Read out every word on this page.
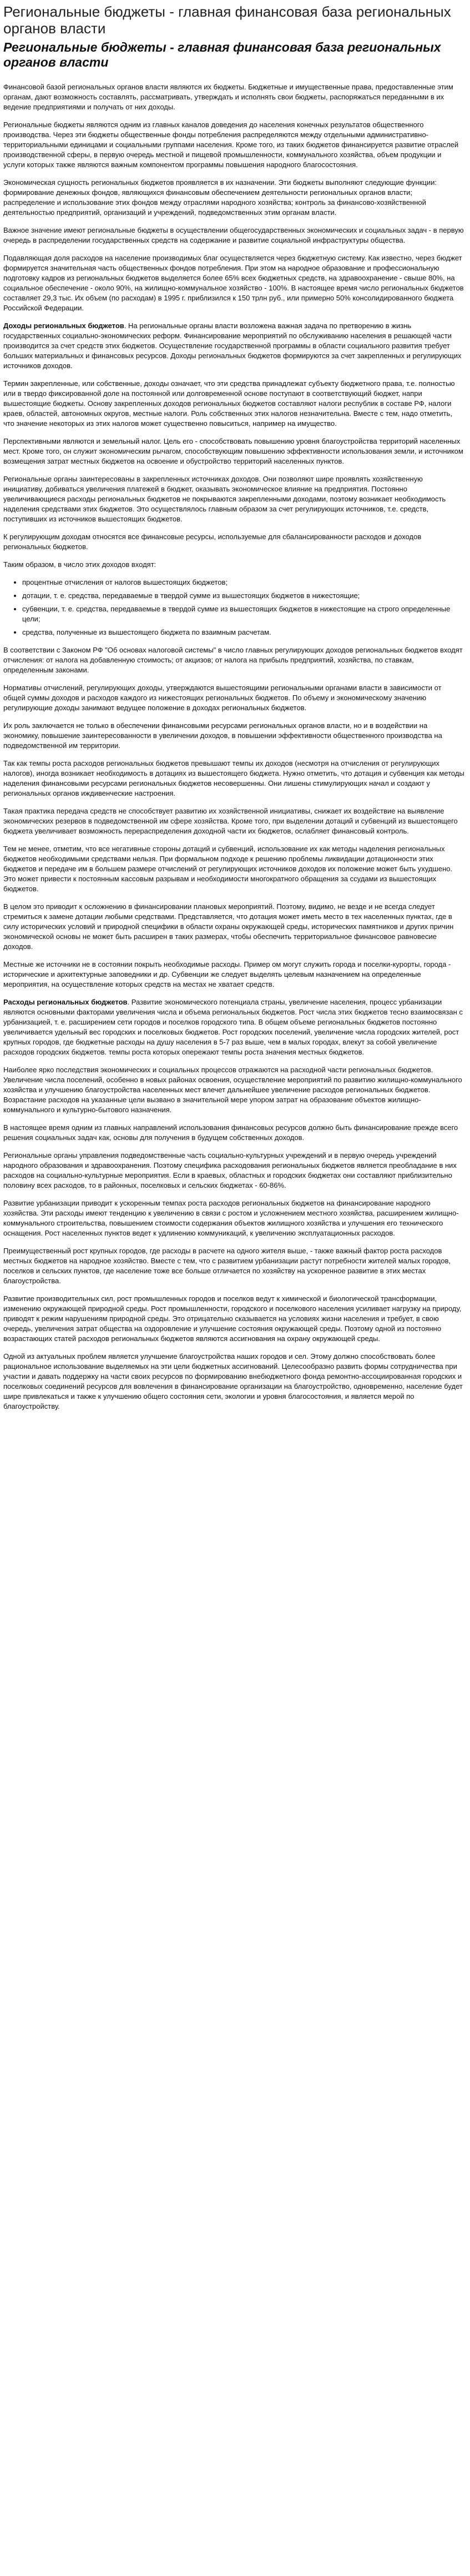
Региональные бюджеты - главная финансовая база региональных органов власти
Региональные бюджеты - главная финансовая база региональных органов власти

Финансовой базой региональных органов власти являются их бюджеты. Бюджетные и имущественные права, предоставленные этим органам, дают возможность составлять, рассматривать, утверждать и исполнять свои бюджеты, распоряжаться переданными в их ведение предприятиями и получать от них доходы.

Региональные бюджеты являются одним из главных каналов доведения до населения конечных результатов общественного производства. Через эти бюджеты общественные фонды потребления распределяются между отдельными административно-территориальными единицами и социальными группами населения. Кроме того, из таких бюджетов финансируется развитие отраслей производственной сферы, в первую очередь местной и пищевой промышленности, коммунального хозяйства, объем продукции и услуги которых также являются важным компонентом программы повышения народного благосостояния.

Экономическая сущность региональных бюджетов проявляется в их назначении. Эти бюджеты выполняют следующие функции: формирование денежных фондов, являющихся финансовым обеспечением деятельности региональных органов власти; распределение и использование этих фондов между отраслями народного хозяйства; контроль за финансово-хозяйственной деятельностью предприятий, организаций и учреждений, подведомственных этим органам власти.

Важное значение имеют региональные бюджеты в осуществлении общегосударственных экономических и социальных задач - в первую очередь в распределении государственных средств на содержание и развитие социальной инфраструктуры общества.

Подавляющая доля расходов на население производимых благ осуществляется через бюджетную систему. Как известно, через бюджет формируется значительная часть общественных фондов потребления. При этом на народное образование и профессиональную подготовку кадров из региональных бюджетов выделяется более 65% всех бюджетных средств, на здравоохранение - свыше 80%, на социальное обеспечение - около 90%, на жилищно-коммунальное хозяйство - 100%. В настоящее время число региональных бюджетов составляет 29,3 тыс. Их объем (по расходам) в 1995 г. приблизился к 150 трлн руб., или примерно 50% консолидированного бюджета Российской Федерации.

Доходы региональных бюджетов. На региональные органы власти возложена важная задача по претворению в жизнь государственных социально-экономических реформ. Финансирование мероприятий по обслуживанию населения в решающей части производится за счет средств этих бюджетов. Осуществление государственной программы в области социального развития требует больших материальных и финансовых ресурсов. Доходы региональных бюджетов формируются за счет закрепленных и регулирующих источников доходов.

Термин закрепленные, или собственные, доходы означает, что эти средства принадлежат субъекту бюджетного права, т.е. полностью или в твердо фиксированной доле на постоянной или долговременной основе поступают в соответствующий бюджет, напри вышестоящие бюджеты. Основу закрепленных доходов региональных бюджетов составляют налоги республик в составе РФ, налоги краев, областей, автономных округов, местные налоги. Роль собственных этих налогов незначительна. Вместе с тем, надо отметить, что значение некоторых из этих налогов может существенно повыситься, например на имущество.

Перспективными являются и земельный налог. Цель его - способствовать повышению уровня благоустройства территорий населенных мест. Кроме того, он служит экономическим рычагом, способствующим повышению эффективности использования земли, и источником возмещения затрат местных бюджетов на освоение и обустройство территорий населенных пунктов.

Региональные органы заинтересованы в закрепленных источниках доходов. Они позволяют шире проявлять хозяйственную инициативу, добиваться увеличения платежей в бюджет, оказывать экономическое влияние на предприятия. Постоянно увеличивающиеся расходы региональных бюджетов не покрываются закрепленными доходами, поэтому возникает необходимость наделения средствами этих бюджетов. Это осуществлялось главным образом за счет регулирующих источников, т.е. средств, поступивших из источников вышестоящих бюджетов.

К регулирующим доходам относятся все финансовые ресурсы, используемые для сбалансированности расходов и доходов региональных бюджетов.

Таким образом, в число этих доходов входят:

• процентные отчисления от налогов вышестоящих бюджетов;
• дотации, т. е. средства, передаваемые в твердой сумме из вышестоящих бюджетов в нижестоящие;
• субвенции, т. е. средства, передаваемые в твердой сумме из вышестоящих бюджетов в нижестоящие на строго определенные цели;
• средства, полученные из вышестоящего бюджета по взаимным расчетам.

В соответствии с Законом РФ "Об основах налоговой системы" в число главных регулирующих доходов региональных бюджетов входят отчисления: от налога на добавленную стоимость; от акцизов; от налога на прибыль предприятий, хозяйства, по ставкам, определенным законами.

Нормативы отчислений, регулирующих доходы, утверждаются вышестоящими региональными органами власти в зависимости от общей суммы доходов и расходов каждого из нижестоящих региональных бюджетов. По объему и экономическому значению регулирующие доходы занимают ведущее положение в доходах региональных бюджетов.

Их роль заключается не только в обеспечении финансовыми ресурсами региональных органов власти, но и в воздействии на экономику, повышение заинтересованности в увеличении доходов, в повышении эффективности общественного производства на подведомственной им территории.

Так как темпы роста расходов региональных бюджетов превышают темпы их доходов (несмотря на отчисления от регулирующих налогов), иногда возникает необходимость в дотациях из вышестоящего бюджета. Нужно отметить, что дотация и субвенция как методы наделения финансовыми ресурсами региональных бюджетов несовершенны. Они лишены стимулирующих начал и создают у региональных органов иждивенческие настроения.

Такая практика передача средств не способствует развитию их хозяйственной инициативы, снижает их воздействие на выявление экономических резервов в подведомственной им сфере хозяйства. Кроме того, при выделении дотаций и субвенций из вышестоящего бюджета увеличивает возможность перераспределения доходной части их бюджетов, ослабляет финансовый контроль.

Тем не менее, отметим, что все негативные стороны дотаций и субвенций, использование их как методы наделения региональных бюджетов необходимыми средствами нельзя. При формальном подходе к решению проблемы ликвидации дотационности этих бюджетов и передаче им в большем размере отчислений от регулирующих источников доходов их положение может быть ухудшено. Это может привести к постоянным кассовым разрывам и необходимости многократного обращения за ссудами из вышестоящих бюджетов.

В целом это приводит к осложнению в финансировании плановых мероприятий. Поэтому, видимо, не везде и не всегда следует стремиться к замене дотации любыми средствами. Представляется, что дотация может иметь место в тех населенных пунктах, где в силу исторических условий и природной специфики в области охраны окружающей среды, исторических памятников и других причин экономической основы не может быть расширен в таких размерах, чтобы обеспечить территориальное финансовое равновесие доходов.

Местные же источники не в состоянии покрыть необходимые расходы. Пример ом могут служить города и поселки-курорты, города - исторические и архитектурные заповедники и др. Субвенции же следует выделять целевым назначением на определенные мероприятия, на осуществление которых средств на местах не хватает средств.

Расходы региональных бюджетов. Развитие экономического потенциала страны, увеличение населения, процесс урбанизации являются основными факторами увеличения числа и объема региональных бюджетов. Рост числа этих бюджетов тесно взаимосвязан с урбанизацией, т. е. расширением сети городов и поселков городского типа. В общем объеме региональных бюджетов постоянно увеличивается удельный вес городских и поселковых бюджетов. Рост городских поселений, увеличение числа городских жителей, рост крупных городов, где бюджетные расходы на душу населения в 5-7 раз выше, чем в малых городах, влекут за собой увеличение расходов городских бюджетов. темпы роста которых опережают темпы роста значения местных бюджетов.

Наиболее ярко последствия экономических и социальных процессов отражаются на расходной части региональных бюджетов. Увеличение числа поселений, особенно в новых районах освоения, осуществление мероприятий по развитию жилищно-коммунального хозяйства и улучшению благоустройства населенных мест влечет дальнейшее увеличение расходов региональных бюджетов. Возрастание расходов на указанные цели вызвано в значительной мере упором затрат на образование объектов жилищно-коммунального и культурно-бытового назначения.

В настоящее время одним из главных направлений использования финансовых ресурсов должно быть финансирование прежде всего решения социальных задач как, основы для получения в будущем собственных доходов.

Региональные органы управления подведомственные часть социально-культурных учреждений и в первую очередь учреждений народного образования и здравоохранения. Поэтому специфика расходования региональных бюджетов является преобладание в них расходов на социально-культурные мероприятия. Если в краевых, областных и городских бюджетах они составляют приблизительно половину всех расходов, то в районных, поселковых и сельских бюджетах - 60-86%.

Развитие урбанизации приводит к ускоренным темпах роста расходов региональных бюджетов на финансирование народного хозяйства. Эти расходы имеют тенденцию к увеличению в связи с ростом и усложнением местного хозяйства, расширением жилищно-коммунального строительства, повышением стоимости содержания объектов жилищного хозяйства и улучшения его технического оснащения. Рост населенных пунктов ведет к удлинению коммуникаций, к увеличению эксплуатационных расходов.

Преимущественный рост крупных городов, где расходы в расчете на одного жителя выше, - также важный фактор роста расходов местных бюджетов на народное хозяйство. Вместе с тем, что с развитием урбанизации растут потребности жителей малых городов, поселков и сельских пунктов, где население тоже все больше отличается по хозяйству на ускоренное развитие в этих местах благоустройства.

Развитие производительных сил, рост промышленных городов и поселков ведут к химической и биологической трансформации, изменению окружающей природной среды. Рост промышленности, городского и поселкового населения усиливает нагрузку на природу, приводят к режим нарушениям природной среды. Это отрицательно сказывается на условиях жизни населения и требует, в свою очередь, увеличения затрат общества на оздоровление и улучшение состояния окружающей среды. Поэтому одной из постоянно возрастающих статей расходов региональных бюджетов являются ассигнования на охрану окружающей среды.

Одной из актуальных проблем является улучшение благоустройства наших городов и сел. Этому должно способствовать более рациональное использование выделяемых на эти цели бюджетных ассигнований. Целесообразно развить формы сотрудничества при участии и давать поддержку на части своих ресурсов по формированию внебюджетного фонда ремонтно-ассоциированная городских и поселковых соединений ресурсов для вовлечения в финансирование организации на благоустройство, одновременно, население будет шире привлекаться и также к улучшению общего состояния сети, экологии и уровня благосостояния, и является мерой по благоустройству.
